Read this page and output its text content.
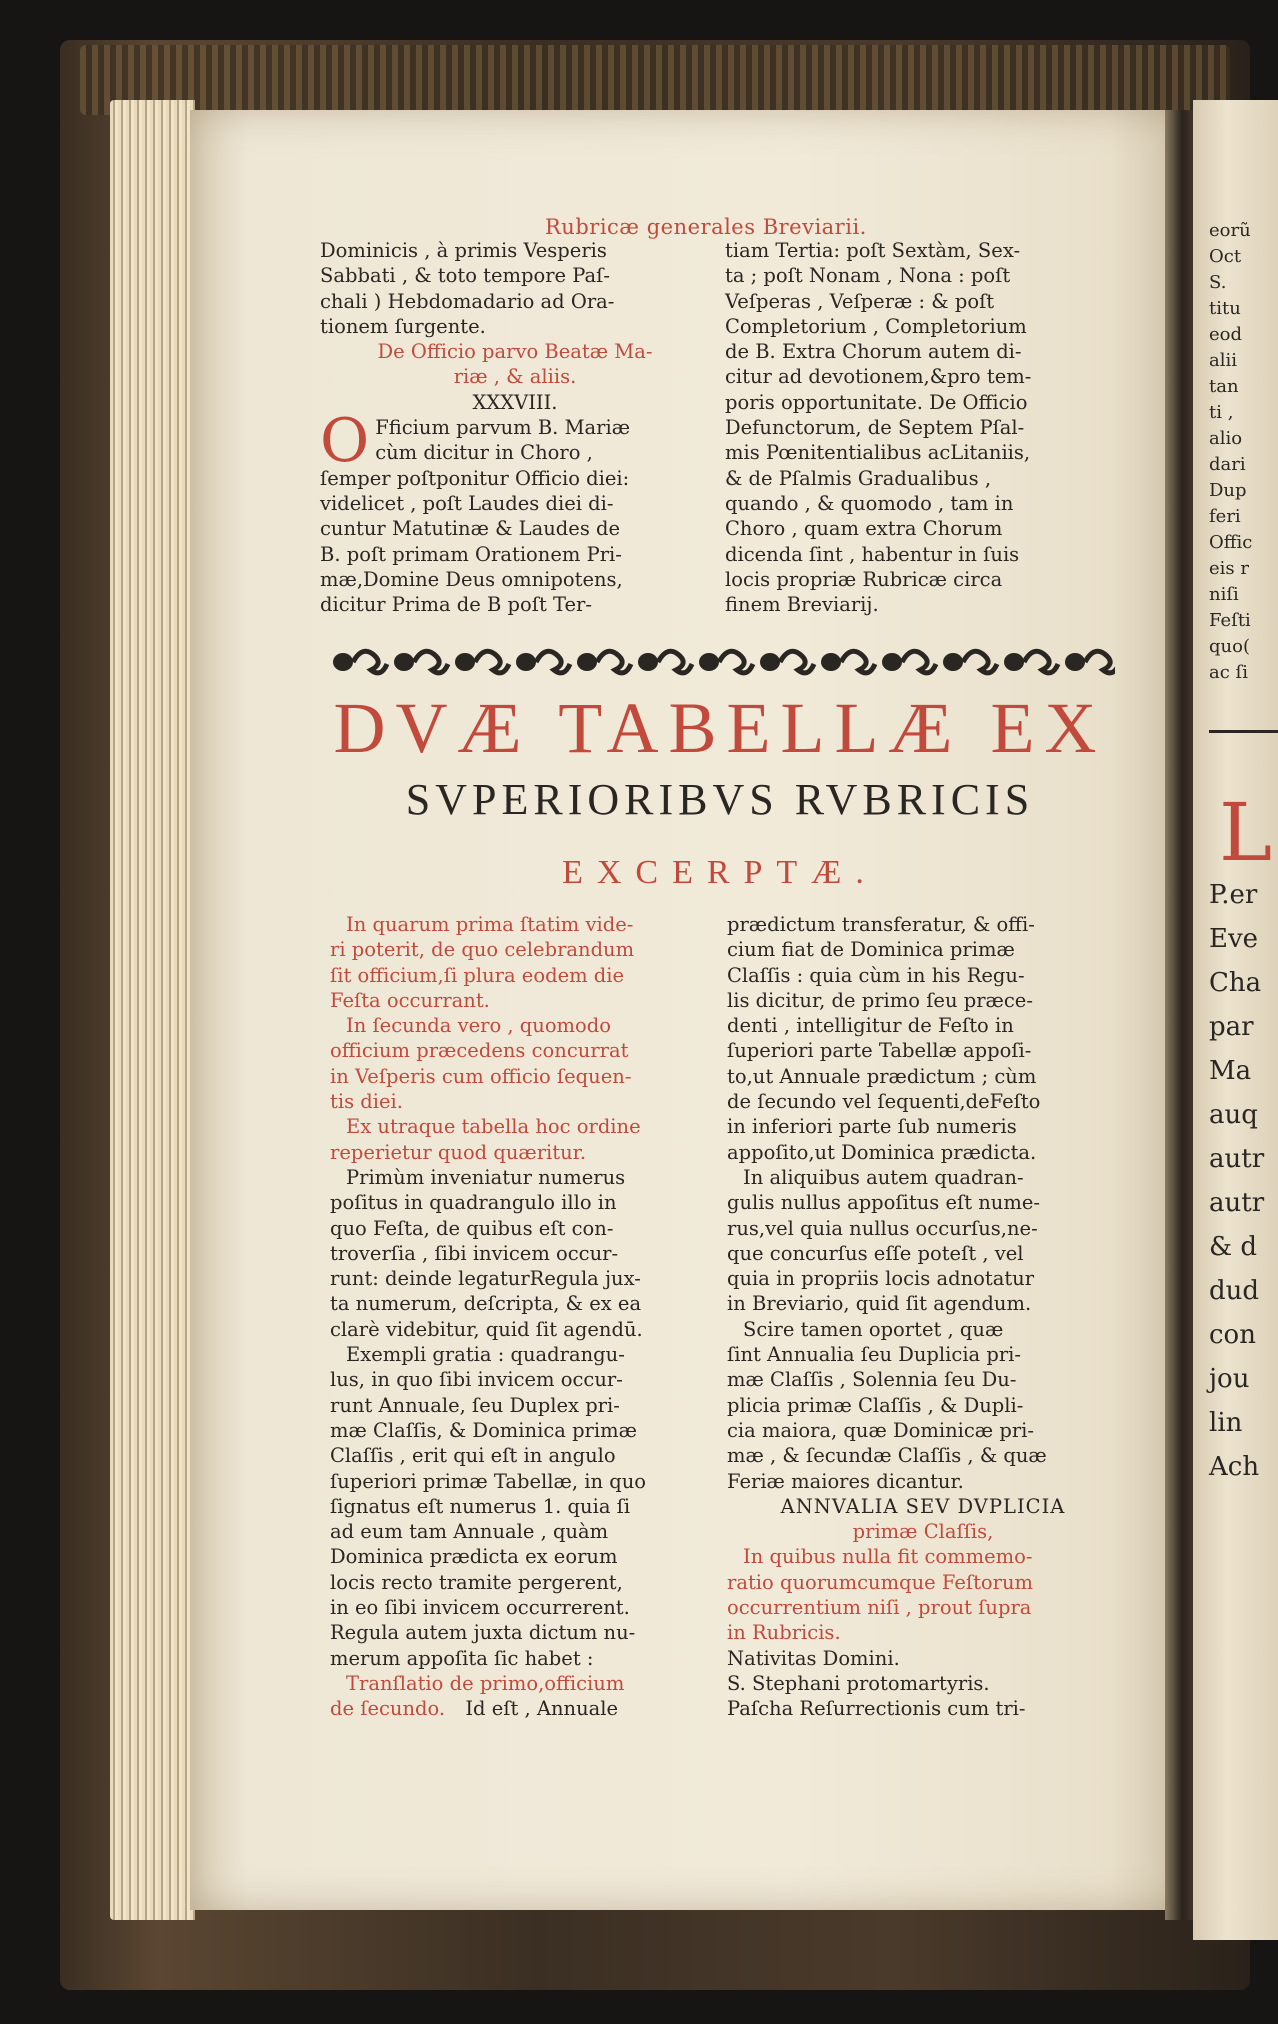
eorũ
Oct
S.
titu
eod
alii
tan
ti ,
alio
dari
Dup
feri
Offic
eis r
niſi
Feſti
quo(
ac ſi
L
P.er
Eve
Cha
par
Ma
auq
autr
autr
& d
dud
con
jou
lin
Ach
Rubricæ generales Breviarii.
Dominicis , à primis Vesperis
Sabbati , & toto tempore Paſ-
chali ) Hebdomadario ad Ora-
tionem ſurgente.
De Officio parvo Beatæ Ma-
riæ , & aliis.
XXXVIII.
O Fficium parvum B. Mariæ
cùm dicitur in Choro ,
ſemper poſtponitur Officio diei:
videlicet , poſt Laudes diei di-
cuntur Matutinæ & Laudes de
B. poſt primam Orationem Pri-
mæ,Domine Deus omnipotens,
dicitur Prima de B poſt Ter-
tiam Tertia: poſt Sextàm, Sex-
ta ; poſt Nonam , Nona : poſt
Veſperas , Veſperæ : & poſt
Completorium , Completorium
de B. Extra Chorum autem di-
citur ad devotionem,&pro tem-
poris opportunitate. De Officio
Defunctorum, de Septem Pſal-
mis Pœnitentialibus acLitaniis,
& de Pſalmis Gradualibus ,
quando , & quomodo , tam in
Choro , quam extra Chorum
dicenda ſint , habentur in ſuis
locis propriæ Rubricæ circa
finem Breviarij.
DVÆ TABELLÆ EX
SVPERIORIBVS RVBRICIS
EXCERPTÆ.
In quarum prima ſtatim vide-
ri poterit, de quo celebrandum
ſit officium,ſi plura eodem die
Feſta occurrant.
In ſecunda vero , quomodo
officium præcedens concurrat
in Veſperis cum officio ſequen-
tis diei.
Ex utraque tabella hoc ordine
reperietur quod quæritur.
Primùm inveniatur numerus
poſitus in quadrangulo illo in
quo Feſta, de quibus eſt con-
troverſia , ſibi invicem occur-
runt: deinde legaturRegula jux-
ta numerum, deſcripta, & ex ea
clarè videbitur, quid ſit agendū.
Exempli gratia : quadrangu-
lus, in quo ſibi invicem occur-
runt Annuale, ſeu Duplex pri-
mæ Claſſis, & Dominica primæ
Claſſis , erit qui eſt in angulo
ſuperiori primæ Tabellæ, in quo
ſignatus eſt numerus 1. quia ſi
ad eum tam Annuale , quàm
Dominica prædicta ex eorum
locis recto tramite pergerent,
in eo ſibi invicem occurrerent.
Regula autem juxta dictum nu-
merum appoſita ſic habet :
Tranſlatio de primo,officium
de ſecundo. Id eſt , Annuale
prædictum transferatur, & offi-
cium fiat de Dominica primæ
Claſſis : quia cùm in his Regu-
lis dicitur, de primo ſeu præce-
denti , intelligitur de Feſto in
ſuperiori parte Tabellæ appoſi-
to,ut Annuale prædictum ; cùm
de ſecundo vel ſequenti,deFeſto
in inferiori parte ſub numeris
appoſito,ut Dominica prædicta.
In aliquibus autem quadran-
gulis nullus appoſitus eſt nume-
rus,vel quia nullus occurſus,ne-
que concurſus eſſe poteſt , vel
quia in propriis locis adnotatur
in Breviario, quid ſit agendum.
Scire tamen oportet , quæ
ſint Annualia ſeu Duplicia pri-
mæ Claſſis , Solennia ſeu Du-
plicia primæ Claſſis , & Dupli-
cia maiora, quæ Dominicæ pri-
mæ , & ſecundæ Claſſis , & quæ
Feriæ maiores dicantur.
ANNVALIA SEV DVPLICIA
primæ Claſſis,
In quibus nulla fit commemo-
ratio quorumcumque Feſtorum
occurrentium niſi , prout ſupra
in Rubricis.
Nativitas Domini.
S. Stephani protomartyris.
Paſcha Reſurrectionis cum tri-
